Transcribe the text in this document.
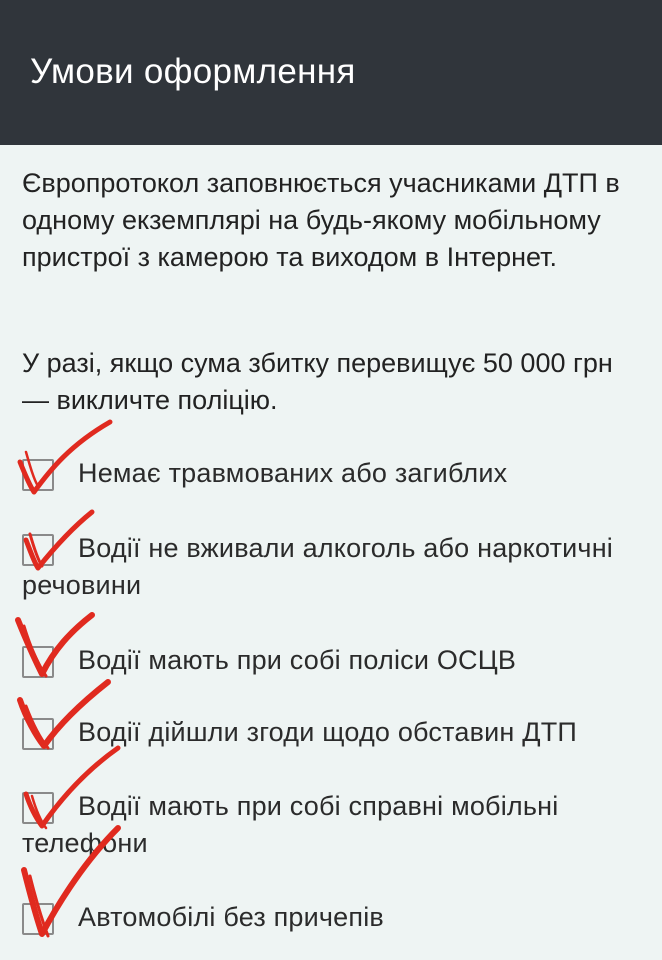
Умови оформлення

Європротокол заповнюється учасниками ДТП в одному екземплярі на будь-якому мобільному пристрої з камерою та виходом в Інтернет.

У разі, якщо сума збитку перевищує 50 000 грн — викличте поліцію.

Немає травмованих або загиблих
Водії не вживали алкоголь або наркотичні речовини
Водії мають при собі поліси ОСЦВ
Водії дійшли згоди щодо обставин ДТП
Водії мають при собі справні мобільні телефони
Автомобілі без причепів
